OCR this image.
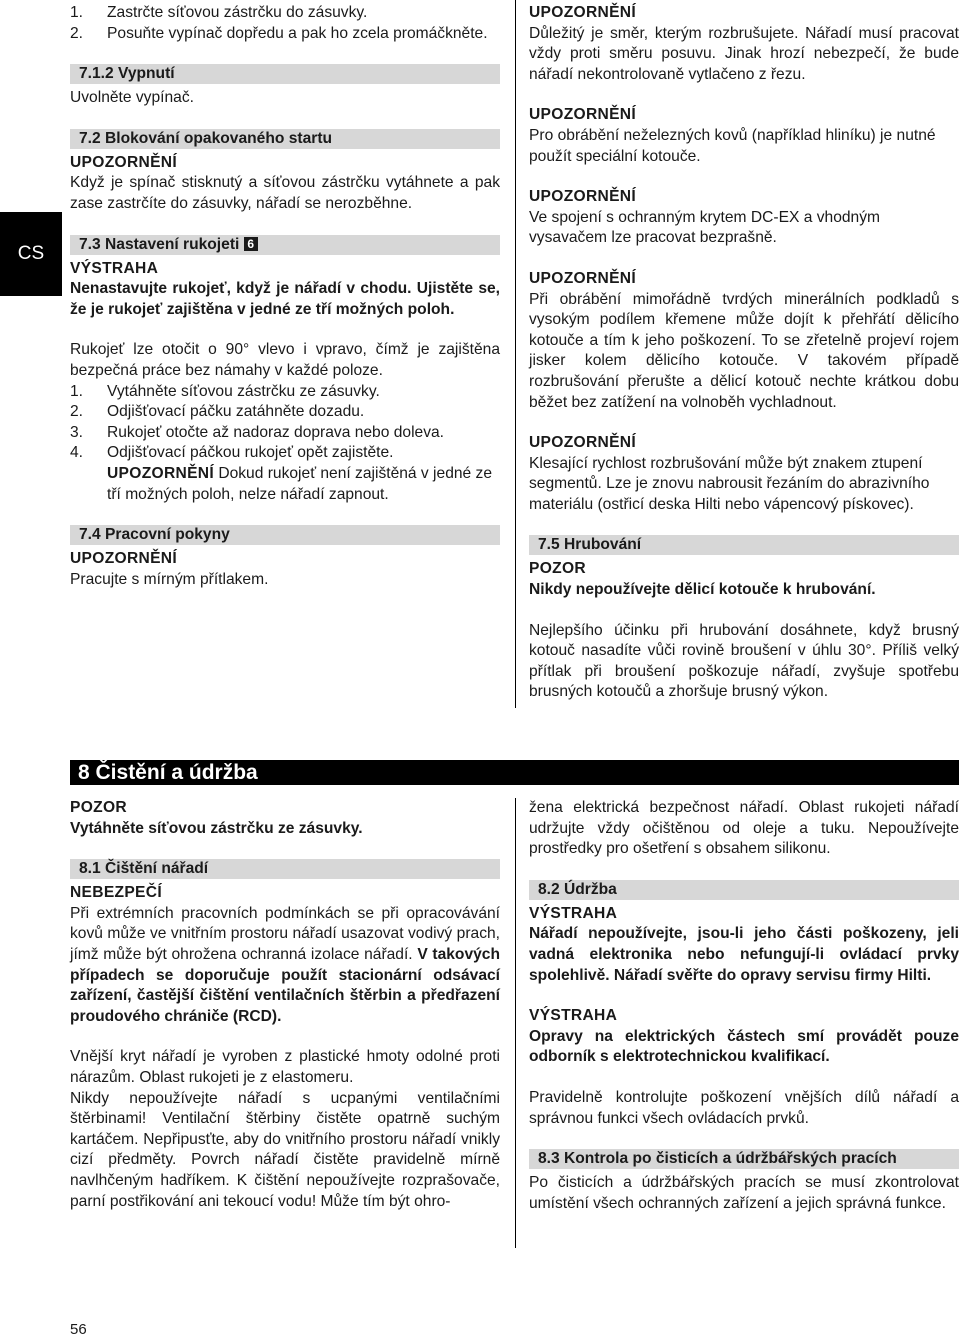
CS
1.	Zastrčte síťovou zástrčku do zásuvky.
2.	Posuňte vypínač dopředu a pak ho zcela promáčkněte.
7.1.2 Vypnutí
Uvolněte vypínač.
7.2 Blokování opakovaného startu
UPOZORNĚNÍ
Když je spínač stisknutý a síťovou zástrčku vytáhnete a pak zase zastrčíte do zásuvky, nářadí se nerozběhne.
7.3 Nastavení rukojeti 6
VÝSTRAHA
Nenastavujte rukojeť, když je nářadí v chodu. Ujistěte se, že je rukojeť zajištěna v jedné ze tří možných poloh.
Rukojeť lze otočit o 90° vlevo i vpravo, čímž je zajištěna bezpečná práce bez námahy v každé poloze.
1.	Vytáhněte síťovou zástrčku ze zásuvky.
2.	Odjišťovací páčku zatáhněte dozadu.
3.	Rukojeť otočte až nadoraz doprava nebo doleva.
4.	Odjišťovací páčkou rukojeť opět zajistěte.
UPOZORNĚNÍ Dokud rukojeť není zajištěná v jedné ze tří možných poloh, nelze nářadí zapnout.
7.4 Pracovní pokyny
UPOZORNĚNÍ
Pracujte s mírným přítlakem.
UPOZORNĚNÍ
Důležitý je směr, kterým rozbrušujete. Nářadí musí pracovat vždy proti směru posuvu. Jinak hrozí nebezpečí, že bude nářadí nekontrolovaně vytlačeno z řezu.
UPOZORNĚNÍ
Pro obrábění neželezných kovů (například hliníku) je nutné použít speciální kotouče.
UPOZORNĚNÍ
Ve spojení s ochranným krytem DC-EX a vhodným vysavačem lze pracovat bezprašně.
UPOZORNĚNÍ
Při obrábění mimořádně tvrdých minerálních podkladů s vysokým podílem křemene může dojít k přehřátí dělicího kotouče a tím k jeho poškození. To se zřetelně projeví rojem jisker kolem dělicího kotouče. V takovém případě rozbrušování přerušte a dělicí kotouč nechte krátkou dobu běžet bez zatížení na volnoběh vychladnout.
UPOZORNĚNÍ
Klesající rychlost rozbrušování může být znakem ztupení segmentů. Lze je znovu nabrousit řezáním do abrazivního materiálu (ostřicí deska Hilti nebo vápencový pískovec).
7.5 Hrubování
POZOR
Nikdy nepoužívejte dělicí kotouče k hrubování.
Nejlepšího účinku při hrubování dosáhnete, když brusný kotouč nasadíte vůči rovině broušení v úhlu 30°. Příliš velký přítlak při broušení poškozuje nářadí, zvyšuje spotřebu brusných kotoučů a zhoršuje brusný výkon.
8 Čistění a údržba
POZOR
Vytáhněte síťovou zástrčku ze zásuvky.
8.1 Čištění nářadí
NEBEZPEČÍ
Při extrémních pracovních podmínkách se při opracovávání kovů může ve vnitřním prostoru nářadí usazovat vodivý prach, jímž může být ohrožena ochranná izolace nářadí. V takových případech se doporučuje použít stacionární odsávací zařízení, častější čištění ventilačních štěrbin a předřazení proudového chrániče (RCD).
Vnější kryt nářadí je vyroben z plastické hmoty odolné proti nárazům. Oblast rukojeti je z elastomeru.
Nikdy nepoužívejte nářadí s ucpanými ventilačními štěrbinami! Ventilační štěrbiny čistěte opatrně suchým kartáčem. Nepřipusťte, aby do vnitřního prostoru nářadí vnikly cizí předměty. Povrch nářadí čistěte pravidelně mírně navlhčeným hadříkem. K čištění nepoužívejte rozprašovače, parní postřikování ani tekoucí vodu! Může tím být ohro-
žena elektrická bezpečnost nářadí. Oblast rukojeti nářadí udržujte vždy očištěnou od oleje a tuku. Nepoužívejte prostředky pro ošetření s obsahem silikonu.
8.2 Údržba
VÝSTRAHA
Nářadí nepoužívejte, jsou-li jeho části poškozeny, jeli vadná elektronika nebo nefungují-li ovládací prvky spolehlivě. Nářadí svěřte do opravy servisu firmy Hilti.
VÝSTRAHA
Opravy na elektrických částech smí provádět pouze odborník s elektrotechnickou kvalifikací.
Pravidelně kontrolujte poškození vnějších dílů nářadí a správnou funkci všech ovládacích prvků.
8.3 Kontrola po čisticích a údržbářských pracích
Po čisticích a údržbářských pracích se musí zkontrolovat umístění všech ochranných zařízení a jejich správná funkce.
56
